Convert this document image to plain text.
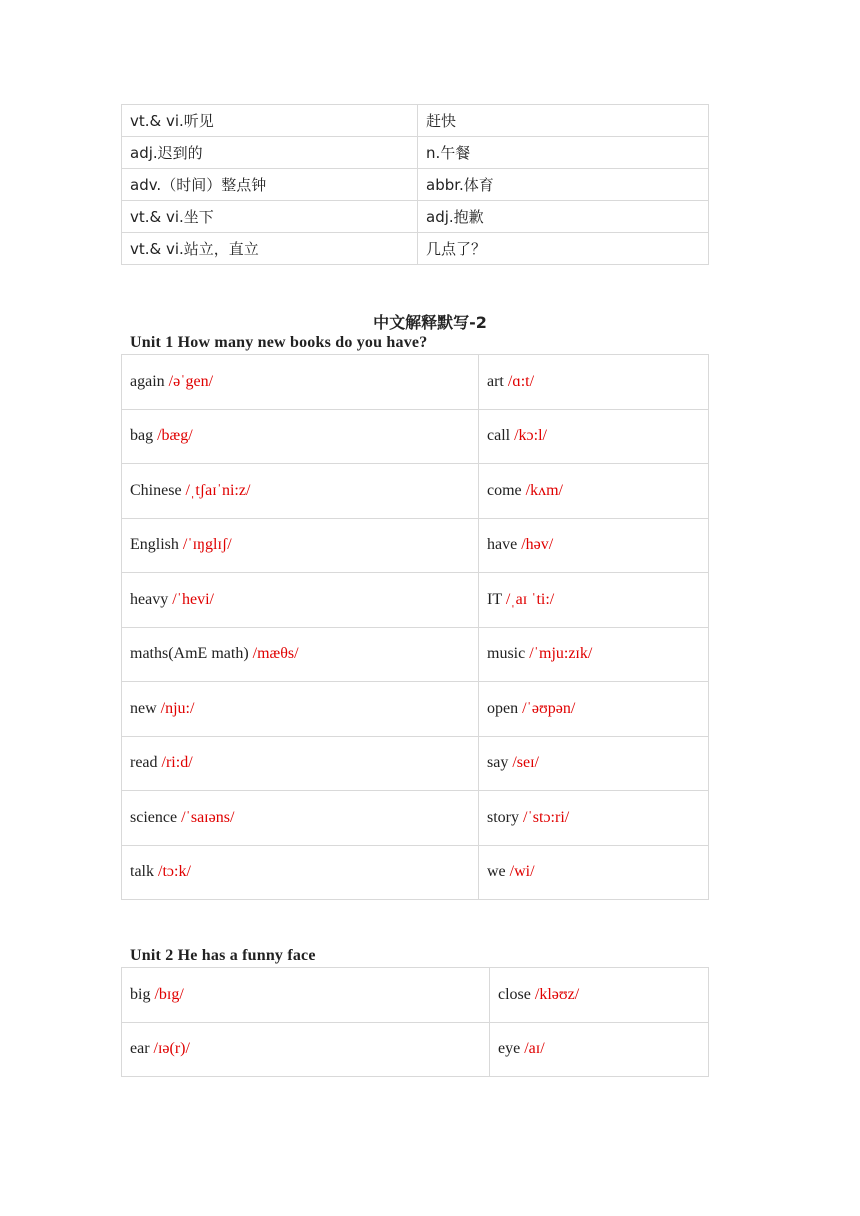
vt.& vi.听见	赶快
adj.迟到的	n.午餐
adv.（时间）整点钟	abbr.体育
vt.& vi.坐下	adj.抱歉
vt.& vi.站立，直立	几点了？
中文解释默写-2
Unit 1 How many new books do you have?
again /əˈgen/	art /ɑ:t/
bag /bæg/	call /kɔ:l/
Chinese /ˌtʃaɪˈni:z/	come /kʌm/
English /ˈɪŋglɪʃ/	have /həv/
heavy /ˈhevi/	IT /ˌaɪ ˈti:/
maths(AmE math) /mæθs/	music /ˈmju:zɪk/
new /nju:/	open /ˈəʊpən/
read /ri:d/	say /seɪ/
science /ˈsaɪəns/	story /ˈstɔ:ri/
talk /tɔ:k/	we /wi/
Unit 2 He has a funny face
big /bɪg/	close /kləʊz/
ear /ɪə(r)/	eye /aɪ/
